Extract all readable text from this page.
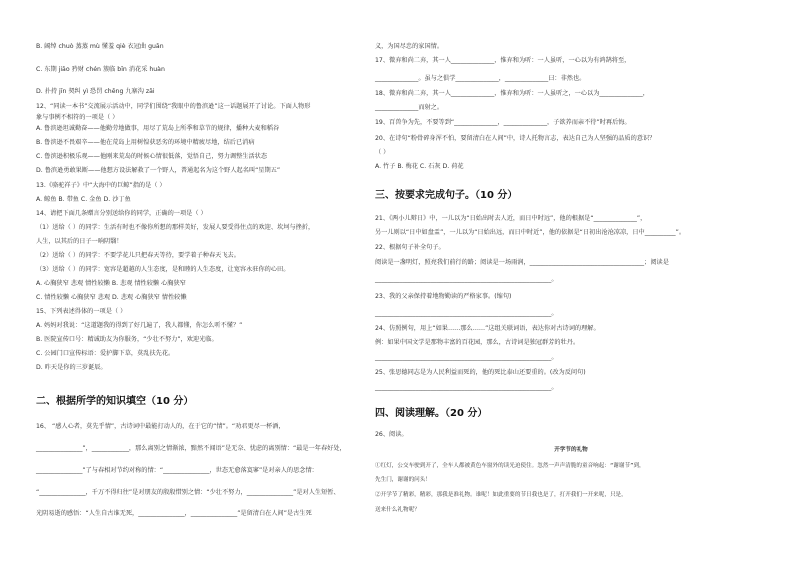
B. 阔绰 chuò 蒸蒸 mù 懂羞 qiè 衣冠曲 guān
C. 东期 jiāo 矜财 chén 簇临 bīn 消花采 huàn
D. 扑持 jīn 契纠 yì 恐罚 chēng 九寨沟 zāi
12、“同读一本书”交流展示活动中，同学们围绕“我眼中的鲁滨逊”这一话题展开了讨论。下面人物形
象与事例不相符的一项是（ ）
A. 鲁滨逊坦诚勤奋——他勤劳地做事，用尽了荒岛上所季和草节的规律，播种大麦和稻谷
B. 鲁滨逊不畏艰辛——他在荒岛上用树惶获恶劣的环境中精疲尽地，结后已消病
C. 鲁滨逊积极乐观——他刚来荒岛的时候心情很低落，觉悟自己，努力调整生活状态
D. 鲁滨逊勇敢果断——他想方设法解救了一个野人，普通起名为这个野人起名叫“星期五”
13.《骆驼祥子》中“大海中的巨鲸”指的是（ ）
A. 鲸鱼 B. 带鱼 C. 金鱼 D. 沙丁鱼
14、请把下面几条赠言分别送给你的同学，正确的一项是（ ）
（1）送给（ ）的同学：生活有时也不像你所想的那样美好，发展人要受得住点的欢迎、坎坷与挫折，
人生，以其后的日子一晌阴翳！
（2）送给（ ）的同学：不要学花儿只把春天等待，要学着子种春天飞去。
（3）送给（ ）的同学：宽容是超越的人生态度，是和睦的人生态度，让宽容永驻你的心田。
A. 心胸狭窄 悲观 情性较懒 B. 悲观 情性较懒 心胸狭窄
C. 情性较懒 心胸狭窄 悲观 D. 悲观 心胸狭窄 情性较懒
15、下列表述得体的一项是（ ）
A. 妈妈对我说：“这道题我的得到了好几遍了，我人都懂，你怎么听不懂？”
B. 医院宣传口号：精诚助友为你服务，“少壮不努力”，欢迎光临。
C. 公园门口宣传标语：爱护脚下草，莫乱扶先花。
D. 昨天是你的三岁诞辰。
二、根据所学的知识填空（10 分）
16、 “感人心者，莫先乎情”，古诗词中最能打动人的，在于它的“情”。“劝君更尽一杯酒，
_______________”，____________，那么离别之情渐浓，黯然不闻语”是无奈、忧虑的离别情：“最是一年春好处，
_______________”了与春相对节约对称的情：“_______________，世态无愈落寞寥”是对亲人的思念情：
“_______________，千万不得归往”是对朋友的殷殷惜别之情：“少壮不努力，_______________”是对人生短暂、
光阴易逝的感悟：“人生自古谁无死，_______________，_______________”是留清白在人间”是古生死
义，为国尽忠的家国情。
17、微弃和尚二弃，其一人______________，惟弃和为听：一人虽听，一心以为有鸿鹄将至，
______________。虽与之俱学______________，______________曰：非然也。
18、微弃和尚二弃，其一人______________，惟弃和为听：一人虽听之，一心以为______________，
______________而射之。
19、百兽争为先，不要等到“______________，______________，子欲养而亲不待”时再后悔。
20、在诗句“粉骨碎身浑不怕，要留清白在人间”中，诗人托物言志，表达自己为人坚强的品质的意识？
（ ）
A. 竹子 B. 梅花 C. 石灰 D. 荷花
三、按要求完成句子。（10 分）
21、《两小儿辩日》中，一儿以为“日始出时去人近，而日中时远”，他的根据是“______________”，
另一儿则以“日中如盘盂”，一儿以为“日始出远，而日中时近”，他的依据是“日初出沧沧凉凉，日中__________”。
22、根据句子补全句子。
阅读是一盏明灯，照亮我们前行的路；阅读是一场雨润，_____________________________________；阅读是
_________________________________________________________。
23、我的父亲保持着地物勤读的严格家事。(缩句)
_________________________________________________________。
24、仿照例句，用上“如果……那么……”这组关联词语，表达你对古诗词的理解。
例：如果中国文学是那物丰富的百花园，那么，古诗词是独冠群芳的牡丹。
_________________________________________________________。
25、张思德同志是为人民利益而死的，他的死比泰山还要重的。(改为反问句)
_________________________________________________________。
四、阅读理解。（20 分）
26、阅读。
开学节的礼物
①红灯，公交车驶到开了，全车人都被黄色车窗外的读光迫使住。忽然一声声清脆的童音响起：“谢谢节”到，
先生门，谢谢的问头！
②开学节了精彩，精彩，那我是准礼物。谁呢！如此重要的节日我也是了，打开我们一开来呢，只是，
送来什么礼物呢？
